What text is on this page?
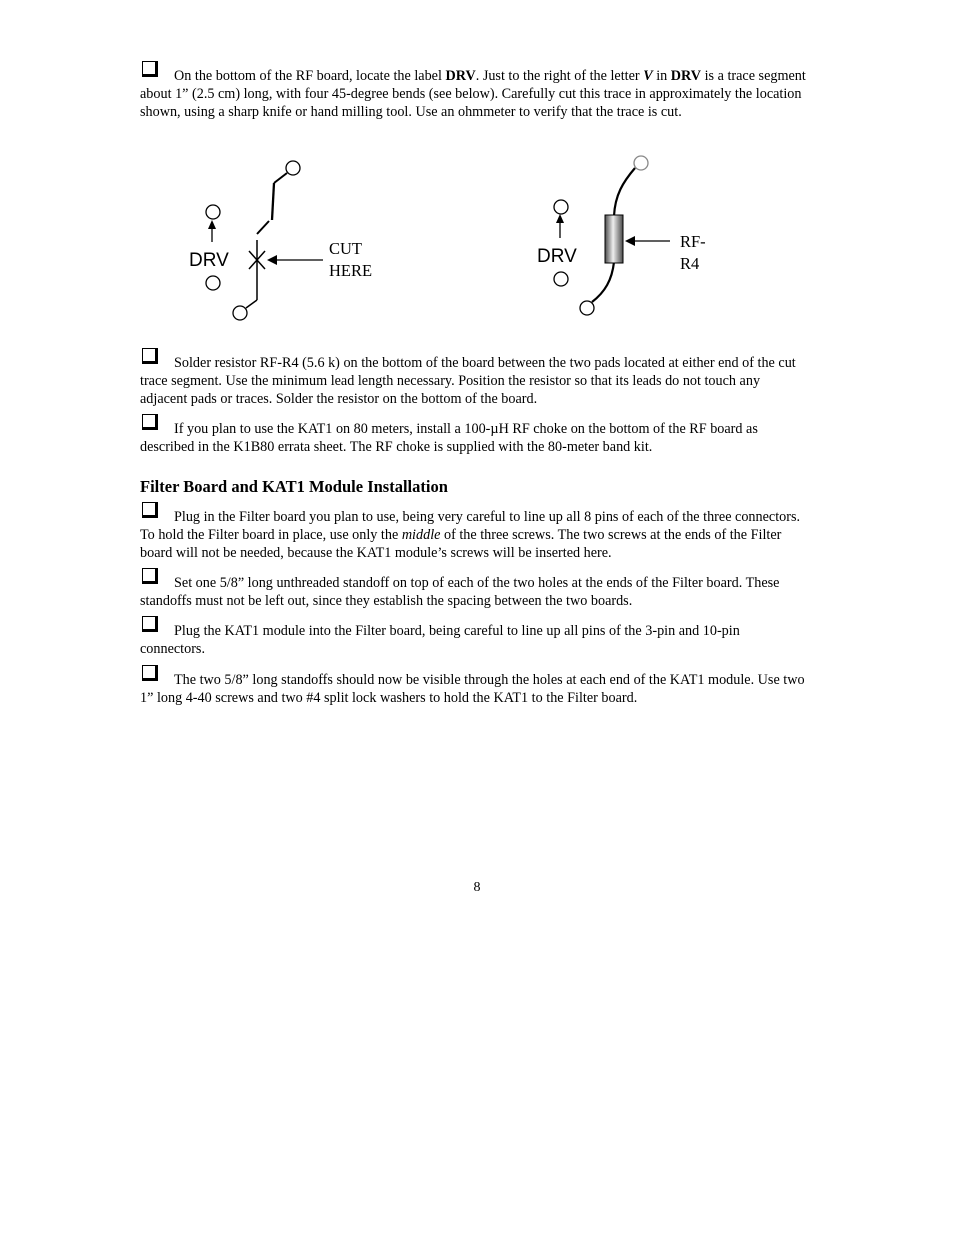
On the bottom of the RF board, locate the label DRV. Just to the right of the letter V in DRV is a trace segment about 1” (2.5 cm) long, with four 45-degree bends (see below). Carefully cut this trace in approximately the location shown, using a sharp knife or hand milling tool. Use an ohmmeter to verify that the trace is cut.

DRV
CUT
HERE
DRV
RF-R4

Solder resistor RF-R4 (5.6 k) on the bottom of the board between the two pads located at either end of the cut trace segment. Use the minimum lead length necessary. Position the resistor so that its leads do not touch any adjacent pads or traces. Solder the resistor on the bottom of the board.

If you plan to use the KAT1 on 80 meters, install a 100-µH RF choke on the bottom of the RF board as described in the K1B80 errata sheet. The RF choke is supplied with the 80-meter band kit.

Filter Board and KAT1 Module Installation

Plug in the Filter board you plan to use, being very careful to line up all 8 pins of each of the three connectors. To hold the Filter board in place, use only the middle of the three screws. The two screws at the ends of the Filter board will not be needed, because the KAT1 module’s screws will be inserted here.

Set one 5/8” long unthreaded standoff on top of each of the two holes at the ends of the Filter board. These standoffs must not be left out, since they establish the spacing between the two boards.

Plug the KAT1 module into the Filter board, being careful to line up all pins of the 3-pin and 10-pin connectors.

The two 5/8” long standoffs should now be visible through the holes at each end of the KAT1 module. Use two 1” long 4-40 screws and two #4 split lock washers to hold the KAT1 to the Filter board.

8
